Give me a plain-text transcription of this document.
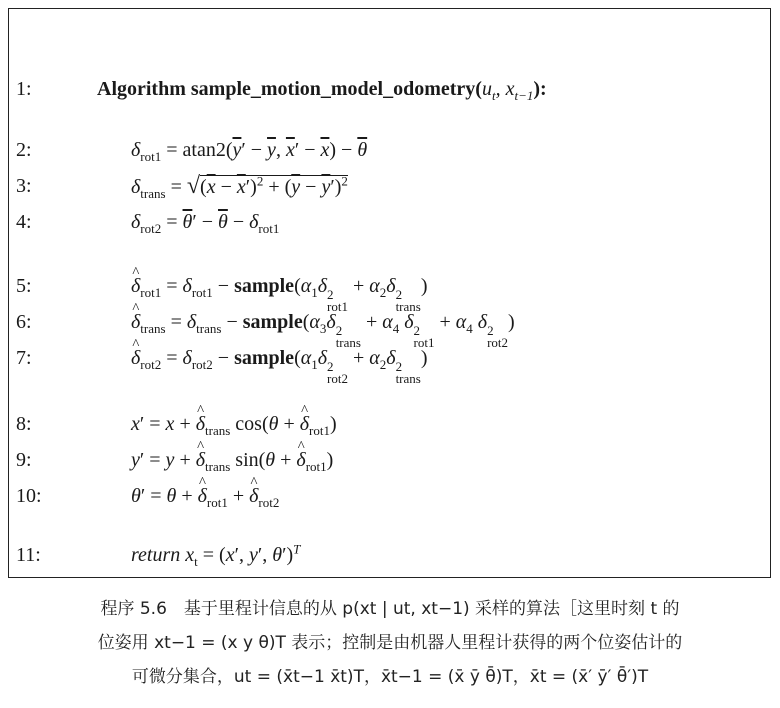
1:	Algorithm $sample\_motion\_model\_odometry(u_t$, $x_{t-1}$):
2:	$\delta_{rot1} = atan2(\overline{y}' - \overline{y}$, $\overline{x}' - \overline{x}) - \overline{\theta}$
3:	$\delta_{trans} = √(\overline{x} - \overline{x}')^2 + (\overline{y} - \overline{y}')^2$
4:	$\delta_{rot2} = \overline{\theta}' - \overline{\theta} - \delta_{rot1}$
5:	^ $\delta_{rot1} = \delta_{rot1}$ − $sample(\alpha_1\delta$ 2
rot1
+ $\alpha_2\delta$ 2
trans
)
6:	^ $\delta_{trans} = \delta_{trans}$ − $sample(\alpha_3\delta$ 2
trans
+ $\alpha_4$ δ 2
rot1
+ $\alpha_4$ δ 2
rot2
)
7:	^ $\delta_{rot2} = \delta_{rot2}$ − $sample(\alpha_1\delta$ 2
rot2
+ $\alpha_2\delta$ 2
trans
)
8:	x′ = x + ^ $\delta_{trans}$ cos(θ + ^ $\delta_{rot1}$)
9:	y′ = y + ^ $\delta_{trans}$ sin(θ + ^ $\delta_{rot1}$)
10:	θ′ = θ + ^ $\delta_{rot1}$ + ^ $\delta_{rot2}$
11:	return $x_t = (x'$, y′, θ′)$^T$
程序 5.6　基于里程计信息的从 p(xt | ut, xt−1) 采样的算法［这里时刻 t 的
位姿用 xt−1 = (x y θ)T 表示；控制是由机器人里程计获得的两个位姿估计的
可微分集合，ut = (x̄t−1 x̄t)T，x̄t−1 = (x̄ ȳ θ̄)T，x̄t = (x̄′ ȳ′ θ̄′)T
